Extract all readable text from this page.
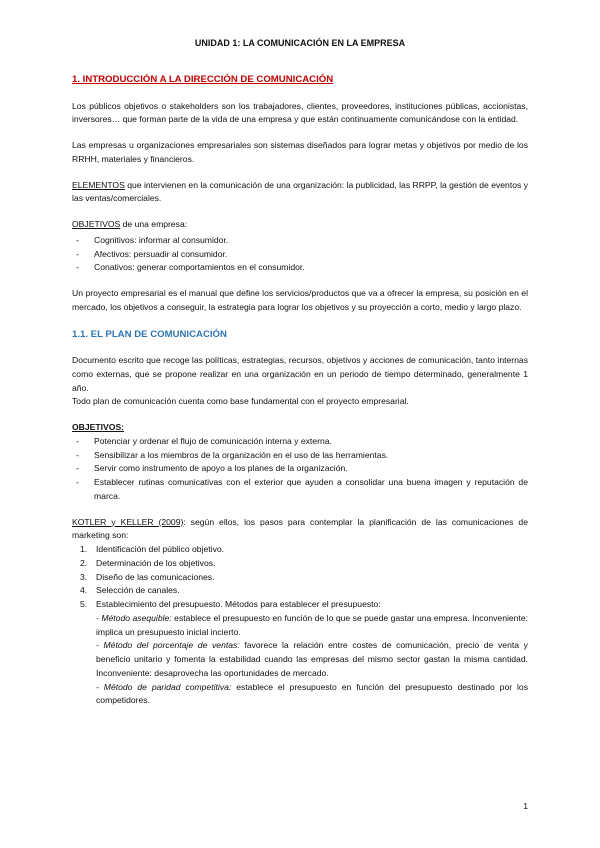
UNIDAD 1: LA COMUNICACIÓN EN LA EMPRESA
1. INTRODUCCIÓN A LA DIRECCIÓN DE COMUNICACIÓN

Los públicos objetivos o stakeholders son los trabajadores, clientes, proveedores, instituciones públicas, accionistas, inversores… que forman parte de la vida de una empresa y que están continuamente comunicándose con la entidad.

Las empresas u organizaciones empresariales son sistemas diseñados para lograr metas y objetivos por medio de los RRHH, materiales y financieros.

ELEMENTOS que intervienen en la comunicación de una organización: la publicidad, las RRPP, la gestión de eventos y las ventas/comerciales.

OBJETIVOS de una empresa:

- Cognitivos: informar al consumidor.
- Afectivos: persuadir al consumidor.
- Conativos: generar comportamientos en el consumidor.

Un proyecto empresarial es el manual que define los servicios/productos que va a ofrecer la empresa, su posición en el mercado, los objetivos a conseguir, la estrategia para lograr los objetivos y su proyección a corto, medio y largo plazo.

1.1. EL PLAN DE COMUNICACIÓN

Documento escrito que recoge las políticas, estrategias, recursos, objetivos y acciones de comunicación, tanto internas como externas, que se propone realizar en una organización en un periodo de tiempo determinado, generalmente 1 año.

Todo plan de comunicación cuenta como base fundamental con el proyecto empresarial.

OBJETIVOS:

- Potenciar y ordenar el flujo de comunicación interna y externa.
- Sensibilizar a los miembros de la organización en el uso de las herramientas.
- Servir como instrumento de apoyo a los planes de la organización.
- Establecer rutinas comunicativas con el exterior que ayuden a consolidar una buena imagen y reputación de marca.

KOTLER y KELLER (2009): según ellos, los pasos para contemplar la planificación de las comunicaciones de marketing son:

1. Identificación del público objetivo.
2. Determinación de los objetivos.
3. Diseño de las comunicaciones.
4. Selección de canales.
5. Establecimiento del presupuesto. Métodos para establecer el presupuesto:
- Método asequible: establece el presupuesto en función de lo que se puede gastar una empresa. Inconveniente: implica un presupuesto inicial incierto.
- Método del porcentaje de ventas: favorece la relación entre costes de comunicación, precio de venta y beneficio unitario y fomenta la estabilidad cuando las empresas del mismo sector gastan la misma cantidad. Inconveniente: desaprovecha las oportunidades de mercado.
- Método de paridad competitiva: establece el presupuesto en función del presupuesto destinado por los competidores.
1
